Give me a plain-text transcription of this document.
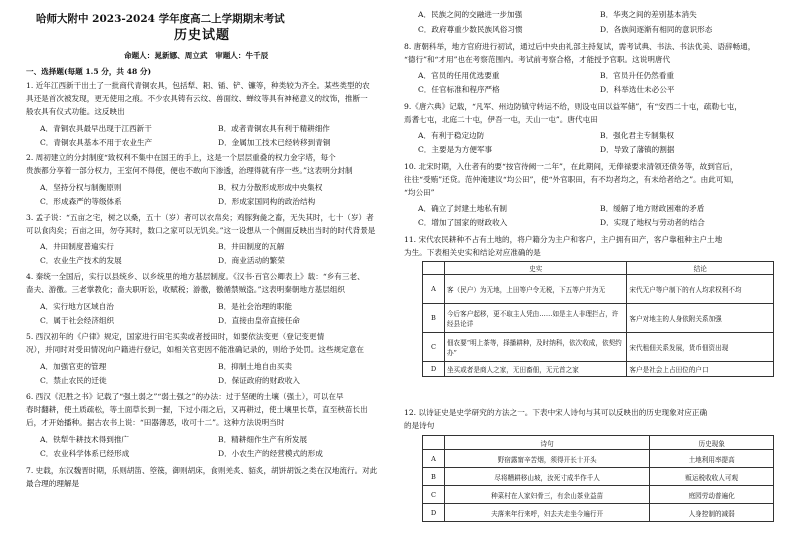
哈师大附中 2023-2024 学年度高二上学期期末考试
历史试题
命题人：晁新娜、周立武　审题人：牛千辰
一、选择题(每题 1.5 分，共 48 分)
1. 近年江西新干出土了一批商代青铜农具，包括犁、耜、锸、铲、镰等，种类较为齐全。某些类型的农
具还是首次被发现，更无使用之痕。不少农具铸有云纹、兽面纹、蝉纹等具有神秘意义的纹饰，推断一
般农具有仪式功能。这反映出
A．青铜农具最早出现于江西新干	B．或者青铜农具有利于精耕细作
C．青铜农具基本不用于农业生产	D．金属加工技术已经转移到青铜
2. 周初建立的分封制度“致权利不集中在国王的手上，这是一个层层重叠的权力金字塔，每个
贵族都分享着一部分权力，王室何不得使，便也不敢向下渗透，治理得就有序一些。”这表明分封制
A．坚持分权与制衡原则	B．权力分散形成形成中央集权
C．形成森严的等级体系	D．形成家国同构的政治结构
3. 孟子说：“五亩之宅，树之以桑，五十（岁）者可以衣帛矣；鸡豚狗彘之畜，无失其时，七十（岁）者
可以食肉矣；百亩之田，勿夺其时，数口之家可以无饥矣。”这一设想从一个侧面反映出当时的时代背景是
A．井田制度普遍实行	B．井田制度的瓦解
C．农业生产技术的发展	D．商业活动的繁荣
4. 秦统一全国后，实行以县统乡、以乡统里的地方基层制度。《汉书·百官公卿表上》载：“乡有三老、
啬夫、游徼。三老掌教化；啬夫职听讼，收赋税；游徼，徼循禁贼盗。”这表明秦朝地方基层组织
A．实行地方区域自治	B．是社会治理的职能
C．属于社会经济组织	D．直接由皇帝直接任命
5. 西汉初年的《户律》规定，国家进行田宅买卖或者授田时，如要依法变更（登记变更情
况），并同时对受田情况向户籍进行登记，如相关官吏因不能准确记录的，则给予处罚。这些规定意在
A．加强官吏的管理	B．抑制土地自由买卖
C．禁止农民的迁徙	D．保证政府的财政收入
6. 西汉《氾胜之书》记载了“强土弱之”“弱土强之”的办法：过于坚硬的土壤（强土），可以在早
春时翻耕，使土质疏松，等土面草长到一握，下过小雨之后，又再耕过，使土壤里长草，直至秧苗长出
后，才开始播种。据古农书上说：“田器薄恶，收可十二”。这种方法说明当时
A．铁犁牛耕技术得到推广	B．精耕细作生产有所发展
C．农业科学体系已经形成	D．小农生产的经营模式的形成
7. 史载，东汉魏晋时期，乐则胡笛、箜篌，御则胡床，食则羌炙、貊炙，胡饼胡饭之类在汉地流行。对此
最合理的理解是
A．民族之间的交融进一步加强	B．华夷之间的差别基本消失
C．政府尊重少数民族风俗习惯	D．各族间逐渐有相同的意识形态
8. 唐朝科举，地方官府进行初试，通过后中央由礼部主持复试，需考试典、书法、书法优美、语辞畅通，
“德行”和“才用”也在考察范围内。考试前考察合格，才能授予官职。这说明唐代
A．官员的任用优选要重	B．官员升任仍然看重
C．任官标准和程序严格	D．科举选仕未必公平
9.《唐六典》记载，“凡军、州边防镇守转运不给，则设屯田以益军储”，有“安西二十屯，疏勒七屯，
焉耆七屯，北庭二十屯，伊吾一屯，天山一屯”。唐代屯田
A．有利于稳定边防	B．强化君主专制集权
C．主要是为方便军事	D．导致了藩镇的割据
10. 北宋时期，入仕者有的要“按官待阙一二年”，在此期间，无俸禄要求清领还债务等，故到官后，
往往“受贿”还贷。范仲淹建议“均公田”，使“外官职田，有不均者均之，有未给者给之”。由此可知，
“均公田”
A．确立了封建土地私有制	B．缓解了地方财政困难的矛盾
C．增加了国家的财政收入	D．实现了地权与劳动者的结合
11. 宋代农民耕种不占有土地的，将户籍分为主户和客户，主户拥有田产，客户靠租种主户土地
为生。下表相关史实和结论对应准确的是
	史实	结论
A	客（民户）为无地，上田等户令无税，下五等户并为无	宋代无户等户制下的有人均求权利不均
B	今后客户起移，更不取主人凭由……如是主人非理拦占，许经县论详	客户对地主的人身依附关系加强
C	佃农要“明上茶等，择播耕种，及时纳科，依次收成，依契约办”	宋代租佃关系发展，货币佃资出现
D	坐买或者是商人之家，无田畜佃，无元首之家	客户是社会上占田位的户口
12. 以诗证史是史学研究的方法之一。下表中宋人诗句与其可以反映出的历史现象对应正确
的是诗句
	诗句	历史现象
A	野宿露甯辛苦烟，须得开长十开头	土地利用率提高
B	尽将糟耕移山坡，汝死寸成半作千人	贩运税收收人可观
C	种菜村在人家妇骨三，有余山茶业益苗	庭园劳动普遍化
D	夫落来年行来呼，妇去夫走坐今遍行开	人身控制的减弱
